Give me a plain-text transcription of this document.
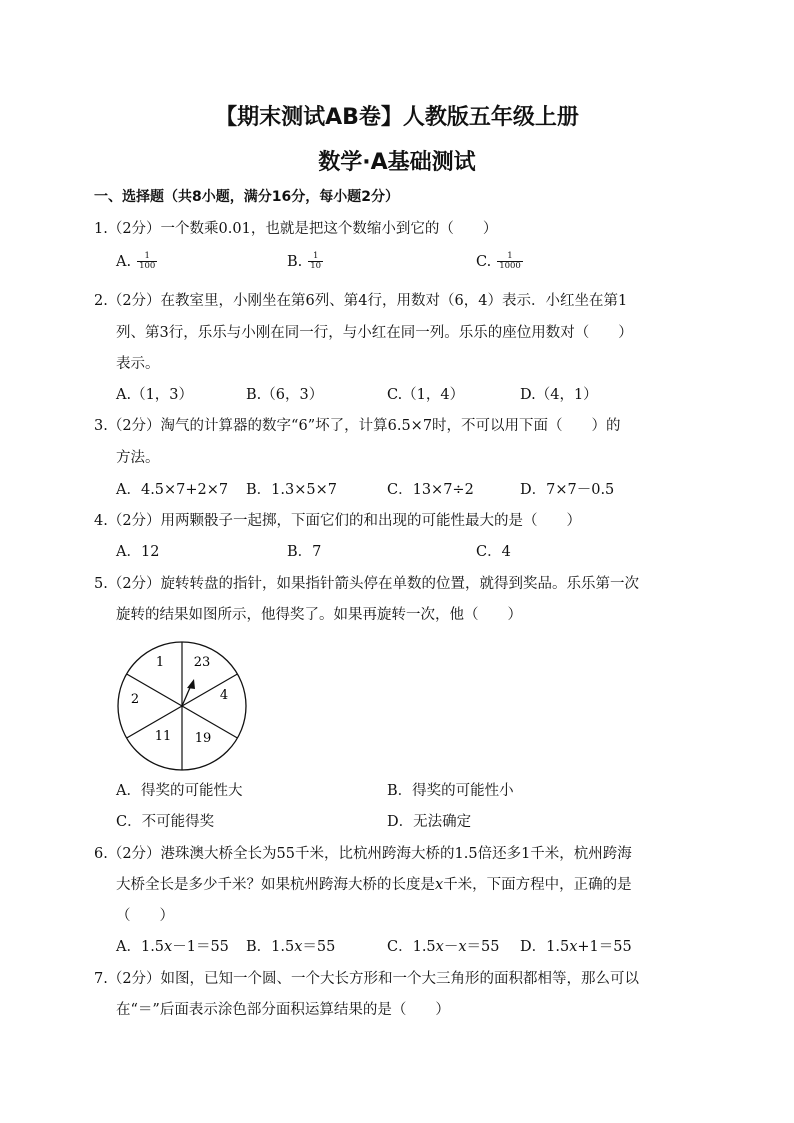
【期末测试AB卷】人教版五年级上册
数学·A基础测试
一、选择题（共8小题，满分16分，每小题2分）
1.（2分）一个数乘0.01，也就是把这个数缩小到它的（　　）
A. $\frac{1}{100}$	B. $\frac{1}{10}$	C. $\frac{1}{1000}$
2.（2分）在教室里，小刚坐在第6列、第4行，用数对（6，4）表示．小红坐在第1
列、第3行，乐乐与小刚在同一行，与小红在同一列。乐乐的座位用数对（　　）
表示。
A.（1，3）	B.（6，3）	C.（1，4）	D.（4，1）
3.（2分）淘气的计算器的数字“6”坏了，计算6.5×7时，不可以用下面（　　）的
方法。
A．4.5×7+2×7 B．1.3×5×7	C．13×7÷2	D．7×7－0.5
4.（2分）用两颗骰子一起掷，下面它们的和出现的可能性最大的是（　　）
A．12	B．7	C．4
5.（2分）旋转转盘的指针，如果指针箭头停在单数的位置，就得到奖品。乐乐第一次
旋转的结果如图所示，他得奖了。如果再旋转一次，他（　　）
1 23
4
19
11
2
A．得奖的可能性大	B．得奖的可能性小
C．不可能得奖	D．无法确定
6.（2分）港珠澳大桥全长为55千米，比杭州跨海大桥的1.5倍还多1千米，杭州跨海
大桥全长是多少千米？如果杭州跨海大桥的长度是x千米，下面方程中，正确的是
（　　）
A．1.5x－1＝55 B．1.5x＝55	C．1.5x－x＝55 D．1.5x+1＝55
7.（2分）如图，已知一个圆、一个大长方形和一个大三角形的面积都相等，那么可以
在“＝”后面表示涂色部分面积运算结果的是（　　）
